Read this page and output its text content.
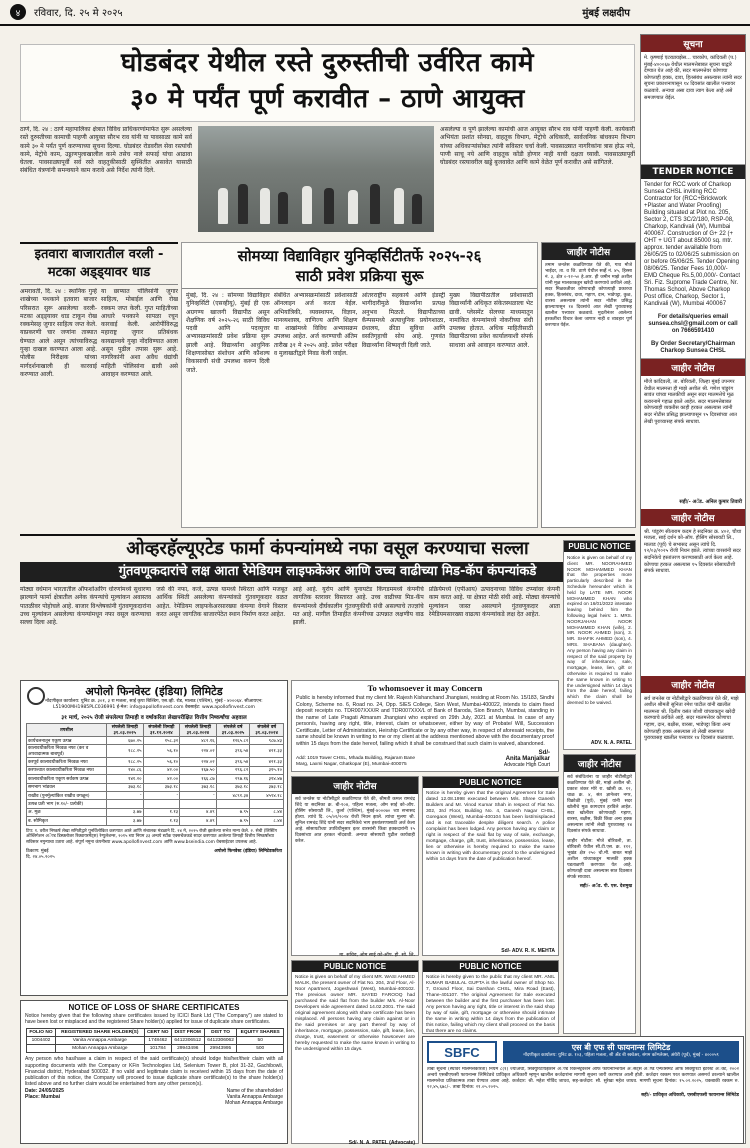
४	रविवार, दि. २५ मे २०२५	मुंबई लक्षदीप
घोडबंदर येथील रस्ते दुरुस्तीची उर्वरित कामे
३० मे पर्यंत पूर्ण करावीत – ठाणे आयुक्त
ठाणे, दि. २४ : ठाणे महापालिका क्षेत्रात विविध प्राधिकरणांमार्फत सुरू असलेल्या रस्ते दुरुस्तीच्या कामाची पाहणी आयुक्त सौरभ राव यांनी या पावसाळा कामे सर्व कामे ३० मे पर्यंत पूर्ण करण्याच्या सूचना दिल्या. घोडबंदर रोडवरील सेवा रस्त्यांची कामे, मेट्रोचे काम, उड्डाणपुलाखालील कामे तसेच नाले सफाई यांचा आढावा घेतला. पावसाळ्यापूर्वी सर्व रस्ते वाहतुकीसाठी सुस्थितीत असावेत यासाठी संबंधित यंत्रणांनी समन्वयाने काम करावे असे निर्देश त्यांनी दिले.
असलेल्या व पूर्ण झालेल्या कामांची आज आयुक्त सौरभ राव यांनी पाहणी केली. कार्यकारी अभियंता प्रशांत सोनग्रा, वाहतूक विभाग, मेट्रोचे अधिकारी, सार्वजनिक बांधकाम विभाग यांच्या अधिकाऱ्यांसोबत त्यांनी सविस्तर चर्चा केली. पावसाळ्यात नागरिकांना त्रास होऊ नये, पाणी साचू नये आणि वाहतूक कोंडी होणार नाही याची दक्षता घ्यावी. पावसाळ्यापूर्वी घोडबंदर रस्त्यावरील खड्डे बुजवावेत आणि कामे वेळेत पूर्ण करावीत असे सांगितले.
इतवारा बाजारातील वरली - मटका अड्ड्यावर धाड
अमरावती, दि. २४ : स्थानिक गुन्हे शाखेच्या पथकाने इतवारा बाजार परिसरात सुरू असलेल्या वरली-मटका अड्ड्यावर धाड टाकून रोख रक्कमेसह जुगार साहित्य जप्त केले. याप्रकरणी चार जणांना ताब्यात घेण्यात आले असून त्यांच्याविरुद्ध गुन्हा दाखल करण्यात आला आहे. पोलीस निरीक्षक यांच्या मार्गदर्शनाखाली ही कारवाई करण्यात आली.
या छाप्यात पोलिसांनी जुगार साहित्य, मोबाईल आणि रोख रक्कम जप्त केली. गुप्त माहितीच्या आधारे पथकाने सापळा रचून कारवाई केली. आरोपींविरुद्ध महाराष्ट्र जुगार प्रतिबंधक कायद्यान्वये गुन्हा नोंदविण्यात आला असून पुढील तपास सुरू आहे. नागरिकांनी अशा अवैध धंद्यांची माहिती पोलिसांना द्यावी असे आवाहन करण्यात आले.
सोमय्या विद्याविहार युनिव्हर्सिटीतर्फे २०२५-२६
साठी प्रवेश प्रक्रिया सुरू
मुंबई, दि. २४ : सोमय्या विद्याविहार युनिव्हर्सिटी (एसव्हीयू), मुंबई ही एक अग्रगण्य खाजगी विद्यापीठ असून शैक्षणिक वर्ष २०२५-२६ साठी विविध पदवी आणि पदव्युत्तर अभ्यासक्रमांसाठी प्रवेश प्रक्रिया सुरू झाली आहे. विद्यार्थ्यांना आधुनिक शिक्षणासोबत संशोधन आणि कौशल्य विकासाची संधी उपलब्ध करून दिली जाते.
संबंधित अभ्यासक्रमांसाठी प्रवेशासाठी ऑनलाइन अर्ज करता येईल. अभियांत्रिकी, व्यवस्थापन, विज्ञान, मानव्यशास्त्र, वाणिज्य आणि शिक्षण या शाखांमध्ये विविध अभ्यासक्रम उपलब्ध आहेत. अर्ज करण्याची अंतिम तारीख ३१ मे २०२५ आहे. प्रवेश परीक्षा व मुलाखतीद्वारे निवड केली जाईल.
आंतरराष्ट्रीय सहकार्य आणि इंडस्ट्री भागीदारीमुळे विद्यार्थ्यांना प्रत्यक्ष अनुभव मिळतो. विद्यापीठाच्या कॅम्पसमध्ये अत्याधुनिक प्रयोगशाळा, ग्रंथालय, क्रीडा सुविधा आणि वसतिगृहाची सोय आहे. गुणवंत विद्यार्थ्यांना शिष्यवृत्ती दिली जाते.
मुख्य विद्यापीठातील प्रवेशासाठी विद्यार्थ्यांनी अधिकृत संकेतस्थळाला भेट द्यावी. प्लेसमेंट सेलच्या माध्यमातून नामांकित कंपन्यांमध्ये नोकरीच्या संधी उपलब्ध होतात. अधिक माहितीसाठी विद्यापीठाच्या प्रवेश कार्यालयाशी संपर्क साधावा असे आवाहन करण्यात आले.
जाहीर नोटीस
तमाम जनतेस कळविण्यात येते की, गाव मौजे भाईंदर, ता. व जि. ठाणे येथील सर्व्हे नं. ४५, हिस्सा नं. ३, क्षेत्र ०-१२-५० हे.आर. ही जमीन माझे अशील यांनी मूळ मालकाकडून खरेदी करण्याचे ठरविले आहे. सदर मिळकतीवर कोणाचाही कोणत्याही प्रकारचा हक्क, हितसंबंध, दावा, गहाण, दान, भाडेपट्टा, कुळ, वारसा असल्यास त्यांनी सदर नोटीस प्रसिद्ध झाल्यापासून १४ दिवसांचे आत लेखी पुराव्यासह खालील पत्त्यावर कळवावे. मुदतीनंतर आलेल्या हरकतींचा विचार केला जाणार नाही व व्यवहार पूर्ण करण्यात येईल.
ओव्हरहॅल्यूएटेड फार्मा कंपन्यांमध्ये नफा वसूल करण्याचा सल्ला
गुंतवणूकदारांचे लक्ष आता रेमेडियम लाइफकेअर आणि उच्च वाढीच्या मिड-कॅप कंपन्यांकडे
मोठ्या वर्धमान भारतातील ऑफशोअरिंग धोरणांमध्ये सुधारणा झाल्याने फार्मा क्षेत्रातील अनेक कंपन्यांचे मूल्यांकन अवास्तव पातळीवर पोहोचले आहे. बाजार विश्लेषकांनी गुंतवणूकदारांना उच्च मूल्यांकन असलेल्या कंपन्यांमधून नफा वसूल करण्याचा सल्ला दिला आहे.
जसे की नफा, कर्ज, उत्पन्न यामध्ये स्थिरता आणि मजबूत आर्थिक स्थिती असलेल्या कंपन्यांकडे गुंतवणूकदार वळत आहेत. रेमेडियम लाइफकेअरसारख्या कंपन्या वेगाने विस्तार करत असून जागतिक बाजारपेठेत स्थान निर्माण करत आहेत.
आहे आहे. युरोप आणि युनायटेड किंगडममध्ये कंपनीचे जागतिक स्तरावर विस्तारत आहे. उच्च वाढीच्या मिड-कॅप कंपन्यांमध्ये दीर्घकालीन गुंतवणुकीची संधी असल्याचे तज्ज्ञांचे मत आहे. मागील तिमाहीत कंपनीच्या उत्पन्नात लक्षणीय वाढ झाली.
प्रक्रियेमध्ये (एपीआय) उत्पादनाच्या विविध टप्प्यांवर कंपनी काम करत आहे. या क्षेत्रात मोठी संधी आहे. मोठ्या कंपन्यांचे मूल्यांकन जास्त असल्याने गुंतवणूकदार आता रेमेडियमसारख्या वाढत्या कंपन्यांकडे लक्ष देत आहेत.
PUBLIC NOTICE
Notice is given on behalf of my client MR. NOORAHMED NOOR MOHAMMED KHAN that the properties more particularly described in the Schedule hereunder which is held by LATE MR. NOOR MOHAMMED KHAN who expired on 16/01/2022 intestate leaving behind him the following legal heirs: 1. MRS. NOORJAHAN NOOR MOHAMMED KHAN (wife), 2. MR. NOOR AHMED (son), 3. MR. SHAFIK AHMED (son), 4. MRS. SHABANA (daughter). Any person having any claim in respect of the said property by way of inheritance, sale, mortgage, lease, lien, gift or otherwise is required to make the same known in writing to the undersigned within 14 days from the date hereof, failing which the claim shall be deemed to be waived.
ADV. N. A. PATEL
अपोलो फिनवेस्ट (इंडिया) लिमिटेड
नोंदणीकृत कार्यालय: युनिट क्र. ३०१, ३ रा मजला, साई कृपा बिल्डिंग, एस.व्ही. रोड, मालाड (पश्चिम), मुंबई - ४०००६४. सीआयएन: L51900MH1985PLC036991 ई-मेल: info@apollofinvest.com वेबसाईट: www.apollofinvest.com
३१ मार्च, २०२५ रोजी संपलेल्या तिमाही व वर्षाकरिता लेखापरीक्षित वित्तीय निष्कर्षांचा अहवाल
तपशील	संपलेली तिमाही ३१.०३.२०२५	संपलेली तिमाही ३१.१२.२०२४	संपलेली तिमाही ३१.०३.२०२४	संपलेले वर्ष ३१.०३.२०२५	संपलेले वर्ष ३१.०३.२०२४
कार्यचलनातून एकूण उत्पन्न	६७०.२५	१५८.३२	४८२.१६	१२६५.८२	९८७.४३
कालावधीकरिता निव्वळ नफा (कर व अपवादात्मक बाबपूर्व)	१८८.२५	५६.१०	२२४.०२	३९६.५४	४२१.३३
करपूर्व कालावधीकरिता निव्वळ नफा	१८८.२५	५६.१०	२२४.०२	३९६.५४	४२१.३३
करपश्चात कालावधीकरिता निव्वळ नफा	१४०.८६	४२.००	१६७.५०	२९६.८२	३१५.१०
कालावधीकरिता एकूण सर्वंकष उत्पन्न	१४१.२०	४२.००	१६६.८७	२९७.१६	३१४.४७
समभाग भांडवल	३७३.१८	३७३.१८	३७३.१८	३७३.१८	३७३.१८
राखीव (पुनर्मूल्यांकित राखीव वगळून)	-	-	-	४८९१.३४	४५९४.१८
उत्पन्न प्रती भाग (रु.१०/- प्रत्येकी)					
अ. मूळ	३.७७	१.१३	४.४९	७.९५	८.४४
ब. सौमिकृत	३.७७	१.१३	४.४९	७.९५	८.४४
टिप: १. वरील निष्कर्ष लेखा समितीद्वारे पुनर्विलोकित करण्यात आले आणि संचालक मंडळाने दि. २४ मे, २०२५ रोजी झालेल्या सभेत मान्य केले. २. सेबी (लिस्टिंग ऑब्लिगेशन अॅण्ड डिस्क्लोजर रिक्वायरमेंट्स) रेग्युलेशन्स, २०१५ च्या नियम ३३ अन्वये स्टॉक एक्सचेंजकडे सादर करण्यात आलेल्या तिमाही वित्तीय निष्कर्षांच्या सविस्तर नमुन्याचा उतारा आहे. संपूर्ण नमुना कंपनीच्या www.apollofinvest.com आणि www.bseindia.com वेबसाईटवर उपलब्ध आहे.
ठिकाण: मुंबई
दि. २४.०५.२०२५
अपोलो फिनवेस्ट (इंडिया) लिमिटेडकरिता
To whomsoever it may Concern
Public is hereby informed that my client Mr. Rajesh Kishanchand Jhangiani, residing at Room No. 15/183, Sindhi Colony, Scheme no. 6, Road no. 24, Opp. SIES College, Sion West, Mumbai-400022, intends to claim fixed deposit receipts no. TDR007XXX/R and TDR007XXX/L of Bank of Baroda, Sion Branch, Mumbai, standing in the name of Late Pragati Atmaram Jhangiani who expired on 29th July, 2021 at Mumbai. In case of any person/s, having any right, title, interest, claim or whatsoever, either by way of Probate/ Will, Succession Certificate, Letter of Administration, Heirship Certificate or by any other way, in respect of aforesaid receipts, the same should be known in writing to me or my client at the address mentioned above with the documentary proof within 15 days from the date hereof, failing which it shall be construed that such claim is waived, abandoned.
Add: 1019 Tower CHSL, Mhada Building, Rajaram Bane Marg, Laxmi Nagar, Ghatkopar (E), Mumbai-400075
Sd/-
Anita Manjalkar
Advocate High Court
जाहीर नोटीस
सर्व जनतेस या नोटीसीद्वारे कळविण्यात येते की, श्रीमती कमल रामचंद्र शिंदे या सदनिका क्र. बी-१०४, पहिला मजला, ओम साई को-ऑप. हौसिंग सोसायटी लि., कुर्ला (पश्चिम), मुंबई-४०००७० च्या सभासद होत्या. त्यांचे दि. ०५/०१/२०२४ रोजी निधन झाले. त्यांचा मुलगा श्री. सुनिल रामचंद्र शिंदे यांनी सदर सदनिकेचे भाग हस्तांतरणासाठी अर्ज केला आहे. सोसायटीच्या उपविधीनुसार इतर वारसांनी किंवा हक्कदारांनी १५ दिवसांच्या आत हरकत नोंदवावी. अन्यथा सोसायटी पुढील कार्यवाही करेल.
मा. सचिव, ओम साई को-ऑप. हौ. सो. लि.
PUBLIC NOTICE
Notice is hereby given that the original Agreement for Sale dated 12.08.1998 executed between M/s. Shree Ganesh Builders and Mr. Vinod Kumar Shah in respect of Flat No. 302, 3rd Floor, Building No. 4, Ganesh Nagar CHSL, Goregaon (West), Mumbai-400104 has been lost/misplaced and is not traceable despite diligent search. A police complaint has been lodged. Any person having any claim or right in respect of the said flat by way of sale, exchange, mortgage, charge, gift, trust, inheritance, possession, lease, lien or otherwise is hereby required to make the same known in writing with documentary proof to the undersigned within 14 days from the date of publication hereof.
Sd/- ADV. R. K. MEHTA
NOTICE OF LOSS OF SHARE CERTIFICATES
Notice hereby given that the following share certificates issued by ICICI Bank Ltd ("The Company") are stated to have been lost or misplaced and the registered Share holder(s) applied for issue of duplicate share certificates.
FOLIO NO	REGISTERED SHARE HOLDER(S)	CERT NO	DIST FROM	DIST TO	EQUITY SHARES
1004402	Vanita Annappa Ambarge	1748462	6412306512	6412306062	50
	Mohan Annappa Ambarge	101784	29943496	29943995	500
Any person who has/have a claim in respect of the said certificate(s) should lodge his/her/their claim with all supporting documents with the Company or KFin Technologies Ltd, Selenium Tower B, plot 31-32, Gachibowli, Financial district, Hyderabad 500032. If no valid and legitimate claim is received within 15 days from the date of publication of this notice, the Company will proceed to issue duplicate share certificate(s) to the share holder(s) listed above and no further claim would be entertained from any other person(s).
Date: 24/05/2025
Place: Mumbai
Name of the shareholder/
Vanita Annappa Ambarge
Mohan Annappa Ambarge
PUBLIC NOTICE
Notice is given on behalf of my client MR. WASI AHMED MALIK, the present owner of Flat No. 204, 2nd Floor, Al-Noor Apartment, Jogeshwari (West), Mumbai-400102. The previous owner MR. SAYED FAROOQ had purchased the said flat from the builder M/s. Al-Noor Developers vide agreement dated 14.02.2001. The said original agreement along with share certificate has been misplaced. All persons having any claim against or in the said premises or any part thereof by way of inheritance, mortgage, possession, sale, gift, lease, lien, charge, trust, easement or otherwise howsoever are hereby requested to make the same known in writing to the undersigned within 15 days.
Sd/- N. A. PATEL (Advocate)
PUBLIC NOTICE
Notice is hereby given to the public that my client MR. ANIL KUMAR BABULAL GUPTA is the lawful owner of Shop No. 7, Ground Floor, Sai Darshan CHSL, Mira Road (East), Thane-401107. The original Agreement for Sale executed between the builder and the first purchaser has been lost. Any person having any right, title or interest in the said shop by way of sale, gift, mortgage or otherwise should intimate the same in writing within 14 days from the publication of this notice, failing which my client shall proceed on the basis that there are no claims.
जाहीर नोटीस
सर्व संबंधितांना या जाहीर नोटीसीद्वारे कळविण्यात येते की, माझे अशील श्री. प्रकाश शंकर मोरे रा. खोली क्र. १२, चाळ क्र. ४, संत ज्ञानेश्वर नगर, विक्रोळी (पूर्व), मुंबई यांनी सदर खोलीचे मूळ कागदपत्र हरविले आहेत. सदर खोलीवर कोणाचाही गहाण, वारसा, बक्षीस, विक्री किंवा अन्य हक्क असल्यास त्यांनी लेखी पुराव्यासह १४ दिवसांत संपर्क साधावा.
जाहीर नोटीस: मौजे बोरिवली, ता. बोरिवली येथील सी.टी.एस. क्र. ११२, भूखंड क्षेत्र २५० चौ.मी. बाबत माझे अशील यांच्याकडून मालकी हक्क पडताळणी करण्यात येत आहे. कोणताही दावा असल्यास सात दिवसात संपर्क साधावा.
सही/- अॅड. पी. एस. देशमुख
SBFC	एस बी एफ सी फायनान्स लिमिटेड
नोंदणीकृत कार्यालय: युनिट क्र. १०३, पहिला मजला, सी अँड बी स्क्वेअर, संगम कॉम्प्लेक्स, अंधेरी (पूर्व), मुंबई - ४०००५९
ताबा सूचना (स्थावर मालमत्तेकरिता) नियम ८(१) ज्याअर्थी, सिक्युरिटायझेशन अॅण्ड रिकन्स्ट्रक्शन ऑफ फायनान्शियल अॅसेट्स अॅण्ड एन्फोर्समेंट ऑफ सिक्युरिटी इंटरेस्ट अॅक्ट, २००२ अन्वये एसबीएफसी फायनान्स लिमिटेडचे प्राधिकृत अधिकारी म्हणून खालील कर्जदारांना मागणी सूचना जारी करण्यात आली होती. कर्जदार रक्कम परत करण्यात असमर्थ ठरल्याने खालील मालमत्तेचा प्रतिकात्मक ताबा घेण्यात आला आहे. कर्जदार: श्री. महेश गोविंद जाधव, सह-कर्जदार: सौ. सुरेखा महेश जाधव. मागणी सूचना दिनांक: १५.०२.२०२५, थकबाकी रक्कम रु. १२,४५,६७८/-. ताबा दिनांक: २१.०५.२०२५.
सही/- प्राधिकृत अधिकारी, एसबीएफसी फायनान्स लिमिटेड
सूचना
मे. कृष्णाई एंटरप्रायझेस... चारकोप, कांदिवली (प.) मुंबई-४०००६७ येथील मालमत्तेबाबत सूचना याद्वारे देण्यात येत आहे की, सदर मालमत्तेवर कोणाचा कोणताही हक्क, दावा, हितसंबंध असल्यास त्यांनी सदर सूचना प्रकाशनापासून १४ दिवसांत खालील पत्त्यावर कळवावे. अन्यथा असा दावा त्याग केला आहे असे समजण्यात येईल.
TENDER NOTICE
Tender for RCC work of Charkop Sunsea CHSL inviting RCC Contractor for (RCC+Brickwork +Plaster and Water Proofing) Building situated at Plot no. 205, Sector 2, CTS 3C/2/180, RSP-08, Charkop, Kandivali (W), Mumbai 400067. Construction of G+ 22 (+ OHT + UGT about 85000 sq. mtr. approx. tender available from 26/05/25 to 02/06/25 submission on or before 05/06/25. Tender Opening 08/06/25. Tender Fees 10,000/- EMD Cheque Rs.5,00,000/- Contact Sri. Fiz. Suprome Trade Centre, Nr. Thomas School, Above Charkop Post office, Charkop, Sector 1, Kandivali (W), Mumbai 400067
For details/queries email sunsea.chsl@gmail.com or call on 7666591410
By Order Secretary/Chairman Charkop Sunsea CHSL
जाहीर नोटीस
मौजे कांदिवली, ता. बोरिवली, जिल्हा मुंबई उपनगर येथील मालमत्ता ही माझे अशील श्री. गणेश पांडुरंग सावंत यांच्या मालकीची असून सदर मालमत्तेचे मूळ करारनामे गहाळ झाले आहेत. सदर मालमत्तेबाबत कोणत्याही व्यक्तीस काही हरकत असल्यास त्यांनी सदर नोटीस प्रसिद्ध झाल्यापासून १५ दिवसांच्या आत लेखी पुराव्यासह संपर्क साधावा.
सही/- अॅड. अनिल कुमार तिवारी
जाहीर नोटीस
श्री. पांडुरंग सीताराम कदम हे सदनिका क्र. ४०२, चौथा मजला, साई दर्शन को-ऑप. हौसिंग सोसायटी लि., मालाड (पूर्व) चे सभासद असून त्यांचे दि. १२/०३/२०२५ रोजी निधन झाले. त्यांच्या वारसांनी सदर सदनिकेचे हस्तांतरण करण्यासाठी अर्ज केला आहे. कोणाचा हरकत असल्यास १५ दिवसांत सोसायटीशी संपर्क साधावा.
जाहीर नोटीस
सर्व जनतेस या नोटीसीद्वारे कळविण्यात येते की, माझे अशील श्रीमती सुनिता रमेश पाटील यांनी खालील मालमत्ता श्री. दिलीप वसंत जोशी यांच्याकडून खरेदी करण्याचे ठरविले आहे. सदर मालमत्तेवर कोणाचा गहाण, दान, बक्षीस, वारसा, भाडेपट्टा किंवा अन्य कोणताही हक्क असल्यास तो लेखी स्वरूपात पुराव्यासह खालील पत्त्यावर १४ दिवसांत कळवावा.
